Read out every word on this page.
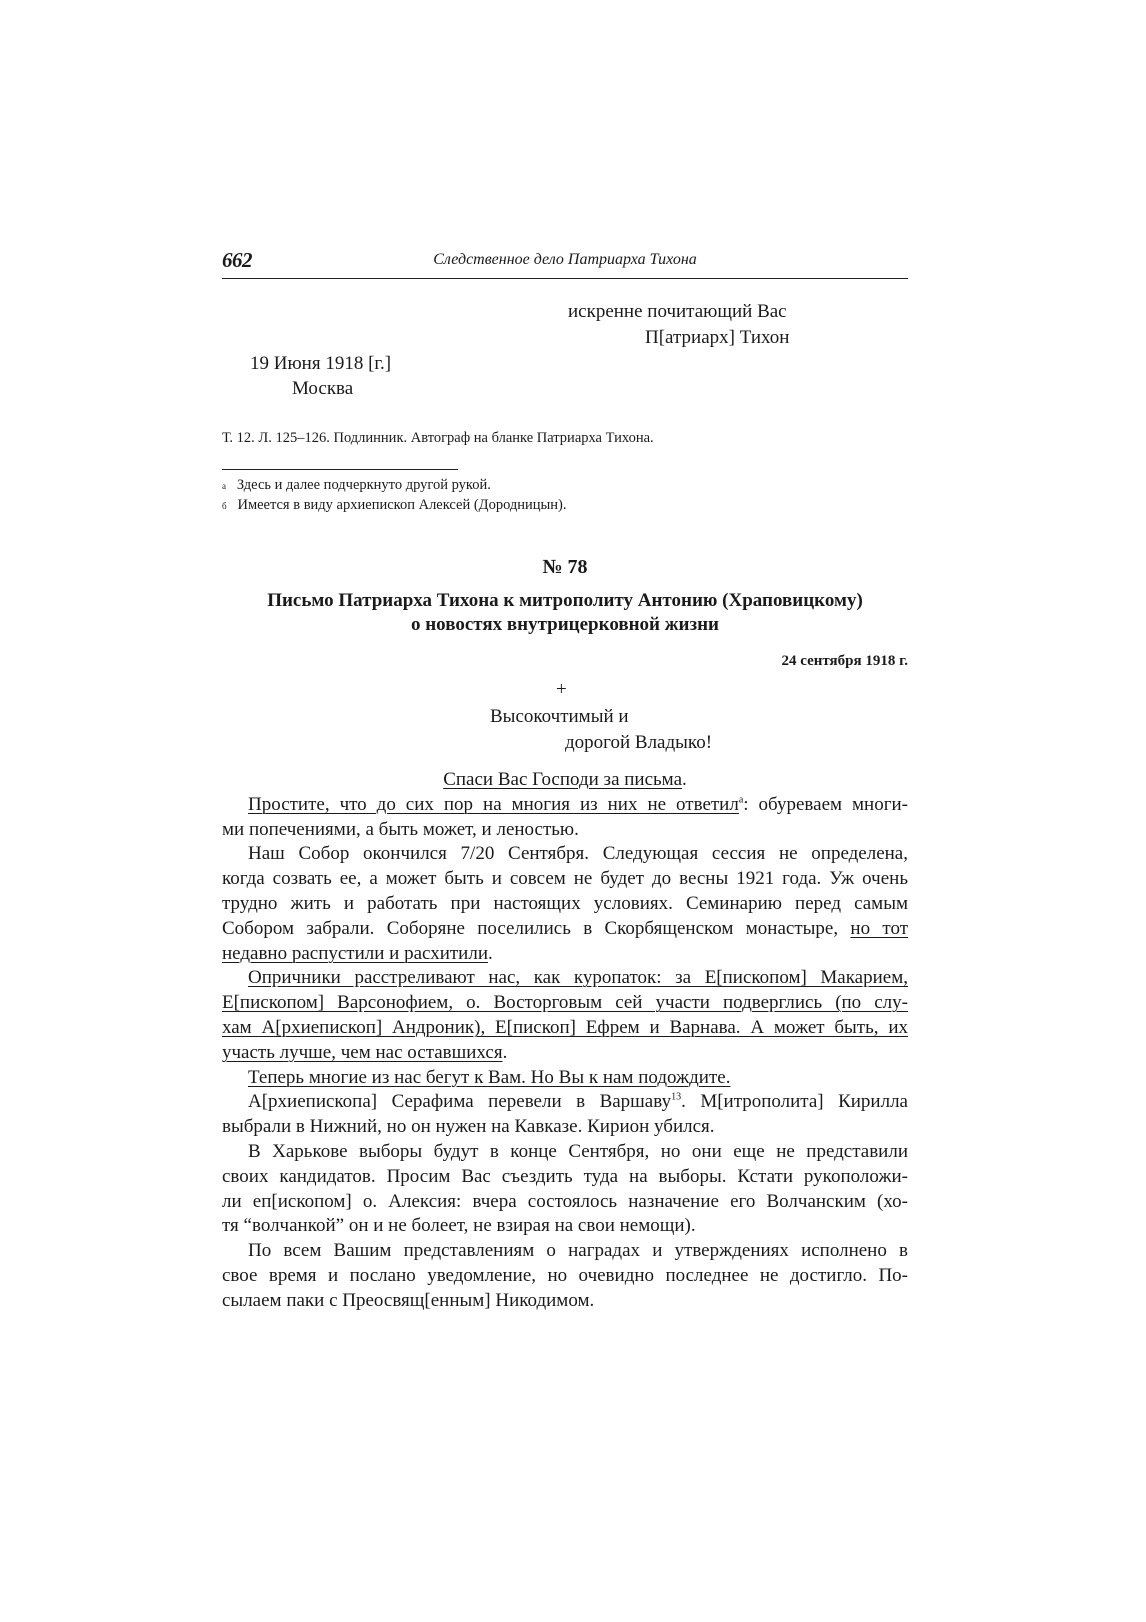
662	Следственное дело Патриарха Тихона
искренне почитающий Вас
П[атриарх] Тихон
19 Июня 1918 [г.]
Москва
Т. 12. Л. 125–126. Подлинник. Автограф на бланке Патриарха Тихона.
$^а$ Здесь и далее подчеркнуто другой рукой.
$^б$ Имеется в виду архиепископ Алексей (Дородницын).
№ 78
Письмо Патриарха Тихона к митрополиту Антонию (Храповицкому)
о новостях внутрицерковной жизни
24 сентября 1918 г.
+
Высокочтимый и
дорогой Владыко!
Спаси Вас Господи за письма.
Простите, что до сих пор на многия из них не ответил$^а$: обуреваем многи-
ми попечениями, а быть может, и леностью.
Наш Собор окончился 7/20 Сентября. Следующая сессия не определена,
когда созвать ее, а может быть и совсем не будет до весны 1921 года. Уж очень
трудно жить и работать при настоящих условиях. Семинарию перед самым
Собором забрали. Соборяне поселились в Скорбященском монастыре, но тот
недавно распустили и расхитили.
Опричники расстреливают нас, как куропаток: за Е[пископом] Макарием,
Е[пископом] Варсонофием, о. Восторговым сей участи подверглись (по слу-
хам А[рхиепископ] Андроник), Е[пископ] Ефрем и Варнава. А может быть, их
участь лучше, чем нас оставшихся.
Теперь многие из нас бегут к Вам. Но Вы к нам подождите.
А[рхиепископа] Серафима перевели в Варшаву$^{13}$. М[итрополита] Кирилла
выбрали в Нижний, но он нужен на Кавказе. Кирион убился.
В Харькове выборы будут в конце Сентября, но они еще не представили
своих кандидатов. Просим Вас съездить туда на выборы. Кстати рукоположи-
ли еп[ископом] о. Алексия: вчера состоялось назначение его Волчанским (хо-
тя “волчанкой” он и не болеет, не взирая на свои немощи).
По всем Вашим представлениям о наградах и утверждениях исполнено в
свое время и послано уведомление, но очевидно последнее не достигло. По-
сылаем паки с Преосвящ[енным] Никодимом.
